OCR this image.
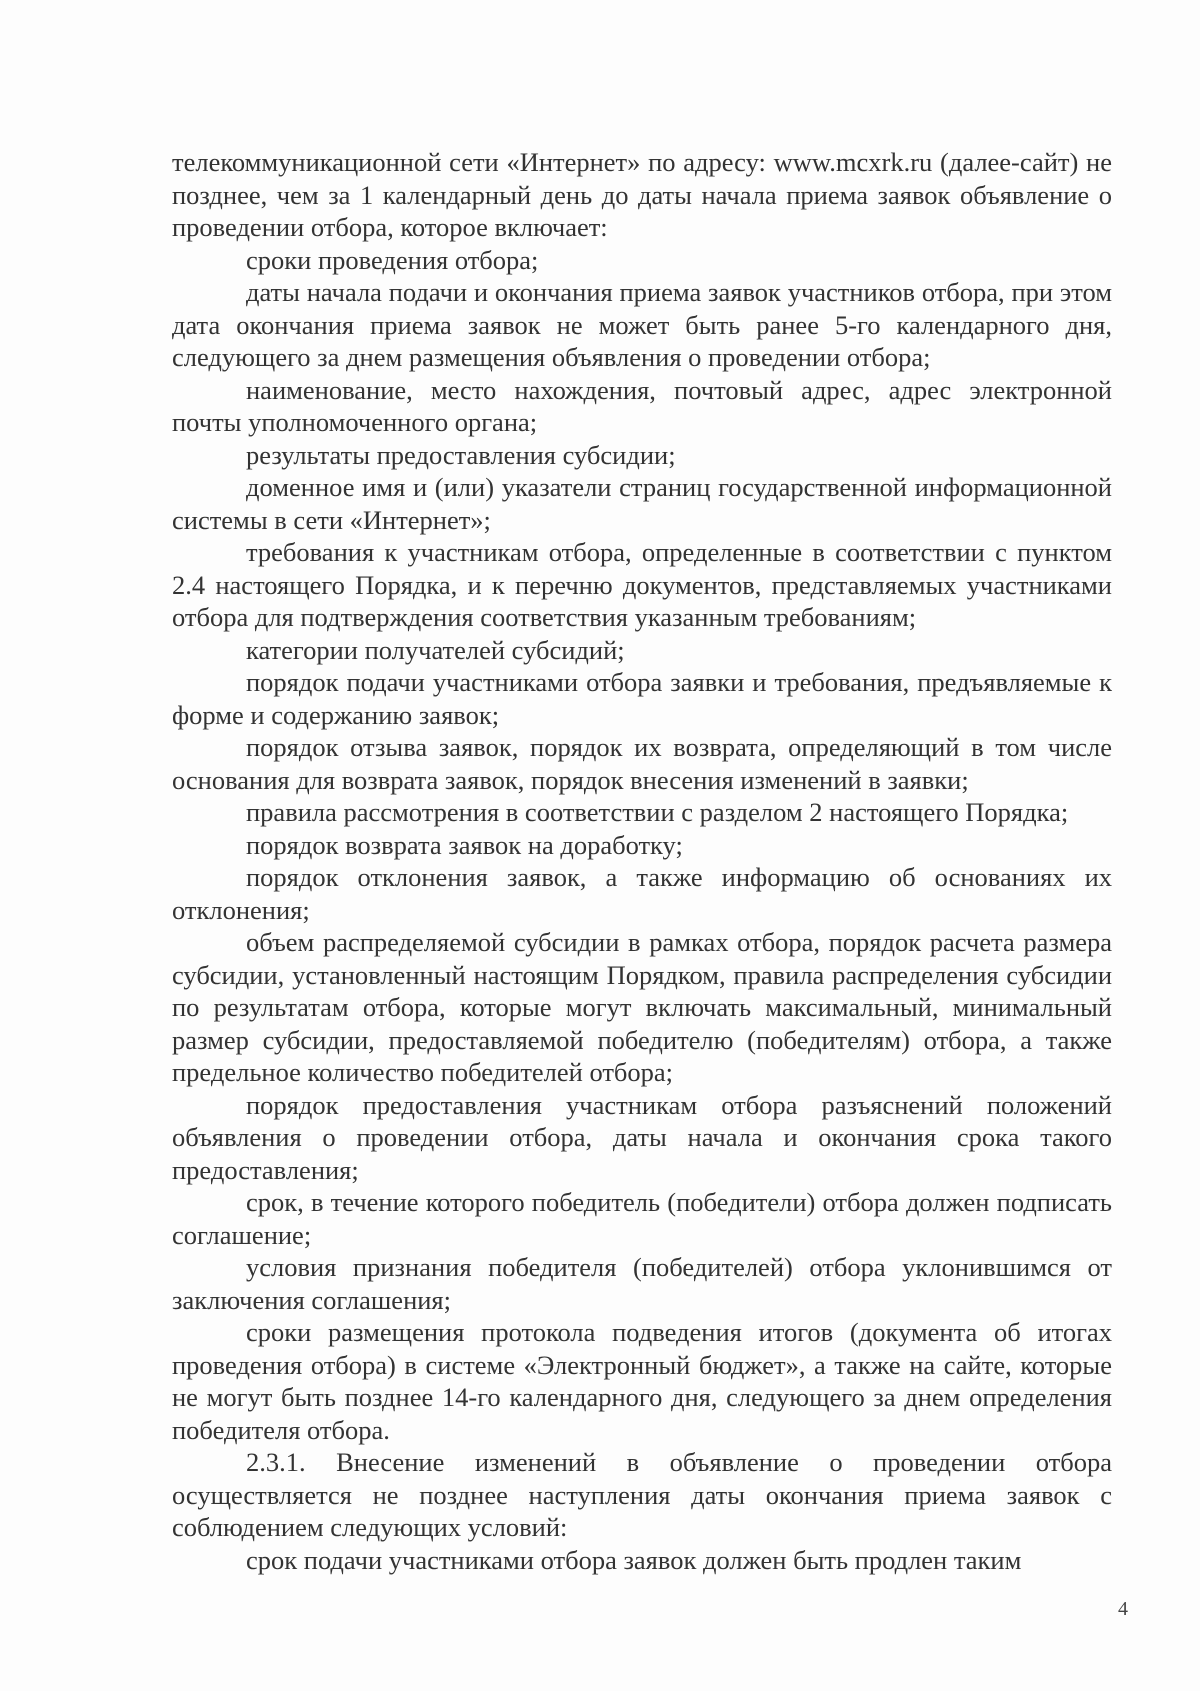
телекоммуникационной сети «Интернет» по адресу: www.mcxrk.ru (далее-сайт) не позднее, чем за 1 календарный день до даты начала приема заявок объявление о проведении отбора, которое включает:

сроки проведения отбора;

даты начала подачи и окончания приема заявок участников отбора, при этом дата окончания приема заявок не может быть ранее 5-го календарного дня, следующего за днем размещения объявления о проведении отбора;

наименование, место нахождения, почтовый адрес, адрес электронной почты уполномоченного органа;

результаты предоставления субсидии;

доменное имя и (или) указатели страниц государственной информационной системы в сети «Интернет»;

требования к участникам отбора, определенные в соответствии с пунктом 2.4 настоящего Порядка, и к перечню документов, представляемых участниками отбора для подтверждения соответствия указанным требованиям;

категории получателей субсидий;

порядок подачи участниками отбора заявки и требования, предъявляемые к форме и содержанию заявок;

порядок отзыва заявок, порядок их возврата, определяющий в том числе основания для возврата заявок, порядок внесения изменений в заявки;

правила рассмотрения в соответствии с разделом 2 настоящего Порядка;

порядок возврата заявок на доработку;

порядок отклонения заявок, а также информацию об основаниях их отклонения;

объем распределяемой субсидии в рамках отбора, порядок расчета размера субсидии, установленный настоящим Порядком, правила распределения субсидии по результатам отбора, которые могут включать максимальный, минимальный размер субсидии, предоставляемой победителю (победителям) отбора, а также предельное количество победителей отбора;

порядок предоставления участникам отбора разъяснений положений объявления о проведении отбора, даты начала и окончания срока такого предоставления;

срок, в течение которого победитель (победители) отбора должен подписать соглашение;

условия признания победителя (победителей) отбора уклонившимся от заключения соглашения;

сроки размещения протокола подведения итогов (документа об итогах проведения отбора) в системе «Электронный бюджет», а также на сайте, которые не могут быть позднее 14-го календарного дня, следующего за днем определения победителя отбора.

2.3.1. Внесение изменений в объявление о проведении отбора осуществляется не позднее наступления даты окончания приема заявок с соблюдением следующих условий:

срок подачи участниками отбора заявок должен быть продлен таким

4
